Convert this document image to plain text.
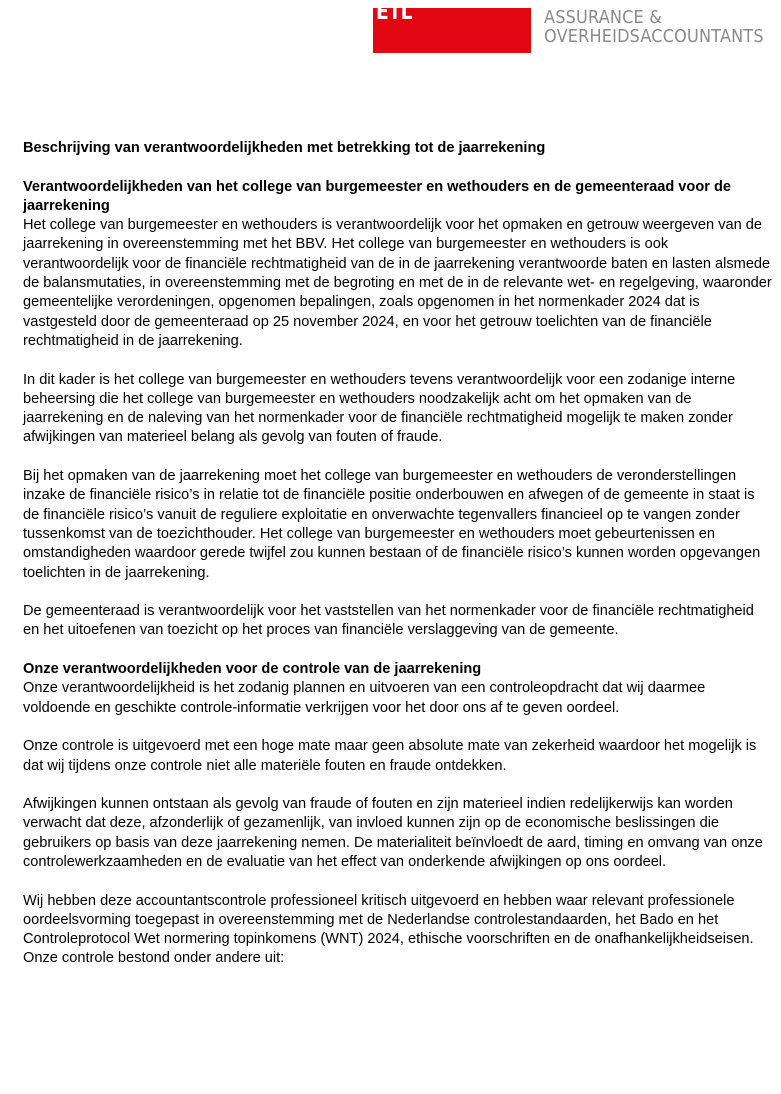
ETL	ASSURANCE &
OVERHEIDSACCOUNTANTS

Beschrijving van verantwoordelijkheden met betrekking tot de jaarrekening

Verantwoordelijkheden van het college van burgemeester en wethouders en de gemeenteraad voor de jaarrekening

Het college van burgemeester en wethouders is verantwoordelijk voor het opmaken en getrouw weergeven van de jaarrekening in overeenstemming met het BBV. Het college van burgemeester en wethouders is ook verantwoordelijk voor de financiële rechtmatigheid van de in de jaarrekening verantwoorde baten en lasten alsmede de balansmutaties, in overeenstemming met de begroting en met de in de relevante wet- en regelgeving, waaronder gemeentelijke verordeningen, opgenomen bepalingen, zoals opgenomen in het normenkader 2024 dat is vastgesteld door de gemeenteraad op 25 november 2024, en voor het getrouw toelichten van de financiële rechtmatigheid in de jaarrekening.

In dit kader is het college van burgemeester en wethouders tevens verantwoordelijk voor een zodanige interne beheersing die het college van burgemeester en wethouders noodzakelijk acht om het opmaken van de jaarrekening en de naleving van het normenkader voor de financiële rechtmatigheid mogelijk te maken zonder afwijkingen van materieel belang als gevolg van fouten of fraude.

Bij het opmaken van de jaarrekening moet het college van burgemeester en wethouders de veronderstellingen inzake de financiële risico’s in relatie tot de financiële positie onderbouwen en afwegen of de gemeente in staat is de financiële risico’s vanuit de reguliere exploitatie en onverwachte tegenvallers financieel op te vangen zonder tussenkomst van de toezichthouder. Het college van burgemeester en wethouders moet gebeurtenissen en omstandigheden waardoor gerede twijfel zou kunnen bestaan of de financiële risico’s kunnen worden opgevangen toelichten in de jaarrekening.

De gemeenteraad is verantwoordelijk voor het vaststellen van het normenkader voor de financiële rechtmatigheid en het uitoefenen van toezicht op het proces van financiële verslaggeving van de gemeente.

Onze verantwoordelijkheden voor de controle van de jaarrekening

Onze verantwoordelijkheid is het zodanig plannen en uitvoeren van een controleopdracht dat wij daarmee voldoende en geschikte controle-informatie verkrijgen voor het door ons af te geven oordeel.

Onze controle is uitgevoerd met een hoge mate maar geen absolute mate van zekerheid waardoor het mogelijk is dat wij tijdens onze controle niet alle materiële fouten en fraude ontdekken.

Afwijkingen kunnen ontstaan als gevolg van fraude of fouten en zijn materieel indien redelijkerwijs kan worden verwacht dat deze, afzonderlijk of gezamenlijk, van invloed kunnen zijn op de economische beslissingen die gebruikers op basis van deze jaarrekening nemen. De materialiteit beïnvloedt de aard, timing en omvang van onze controlewerkzaamheden en de evaluatie van het effect van onderkende afwijkingen op ons oordeel.

Wij hebben deze accountantscontrole professioneel kritisch uitgevoerd en hebben waar relevant professionele oordeelsvorming toegepast in overeenstemming met de Nederlandse controlestandaarden, het Bado en het Controleprotocol Wet normering topinkomens (WNT) 2024, ethische voorschriften en de onafhankelijkheidseisen. Onze controle bestond onder andere uit:
